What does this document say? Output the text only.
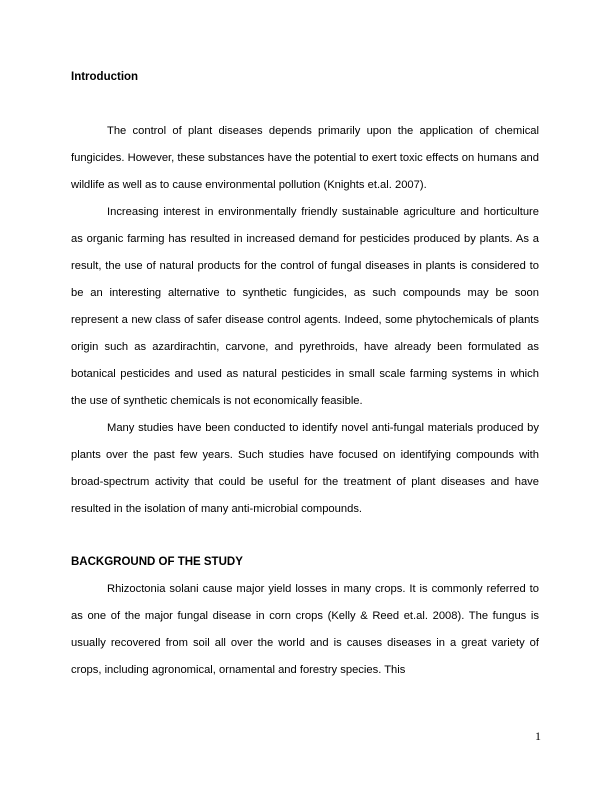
Introduction

The control of plant diseases depends primarily upon the application of chemical fungicides. However, these substances have the potential to exert toxic effects on humans and wildlife as well as to cause environmental pollution (Knights et.al. 2007).

Increasing interest in environmentally friendly sustainable agriculture and horticulture as organic farming has resulted in increased demand for pesticides produced by plants. As a result, the use of natural products for the control of fungal diseases in plants is considered to be an interesting alternative to synthetic fungicides, as such compounds may be soon represent a new class of safer disease control agents. Indeed, some phytochemicals of plants origin such as azardirachtin, carvone, and pyrethroids, have already been formulated as botanical pesticides and used as natural pesticides in small scale farming systems in which the use of synthetic chemicals is not economically feasible.

Many studies have been conducted to identify novel anti-fungal materials produced by plants over the past few years. Such studies have focused on identifying compounds with broad-spectrum activity that could be useful for the treatment of plant diseases and have resulted in the isolation of many anti-microbial compounds.

BACKGROUND OF THE STUDY

Rhizoctonia solani cause major yield losses in many crops. It is commonly referred to as one of the major fungal disease in corn crops (Kelly & Reed et.al. 2008). The fungus is usually recovered from soil all over the world and is causes diseases in a great variety of crops, including agronomical, ornamental and forestry species. This

1
